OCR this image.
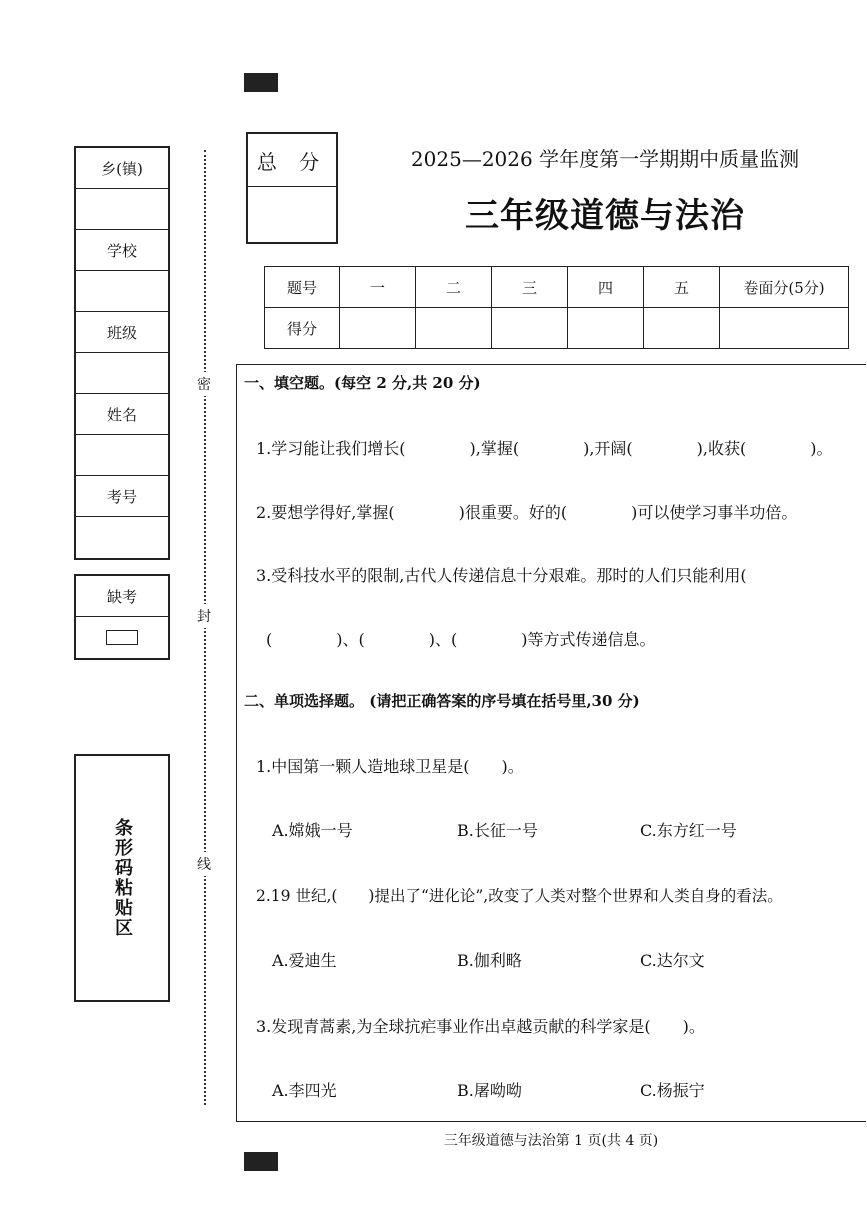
乡(镇)
学校
班级
姓名
考号
缺考
条形码粘贴区
密
封
线
总 分	2025—2026 学年度第一学期期中质量监测
三年级道德与法治
题号	一	二	三	四	五	卷面分(5分)
得分						
一、填空题。(每空 2 分,共 20 分)
1.学习能让我们增长(　　　　),掌握(　　　　),开阔(　　　　),收获(　　　　)。
2.要想学得好,掌握(　　　　)很重要。好的(　　　　)可以使学习事半功倍。
3.受科技水平的限制,古代人传递信息十分艰难。那时的人们只能利用(
(　　　　)、(　　　　)、(　　　　)等方式传递信息。
二、单项选择题。 (请把正确答案的序号填在括号里,30 分)
1.中国第一颗人造地球卫星是(　　)。
A.嫦娥一号	B.长征一号	C.东方红一号
2.19 世纪,(　　)提出了“进化论”,改变了人类对整个世界和人类自身的看法。
A.爱迪生	B.伽利略	C.达尔文
3.发现青蒿素,为全球抗疟事业作出卓越贡献的科学家是(　　)。
A.李四光	B.屠呦呦	C.杨振宁
三年级道德与法治第 1 页(共 4 页)
